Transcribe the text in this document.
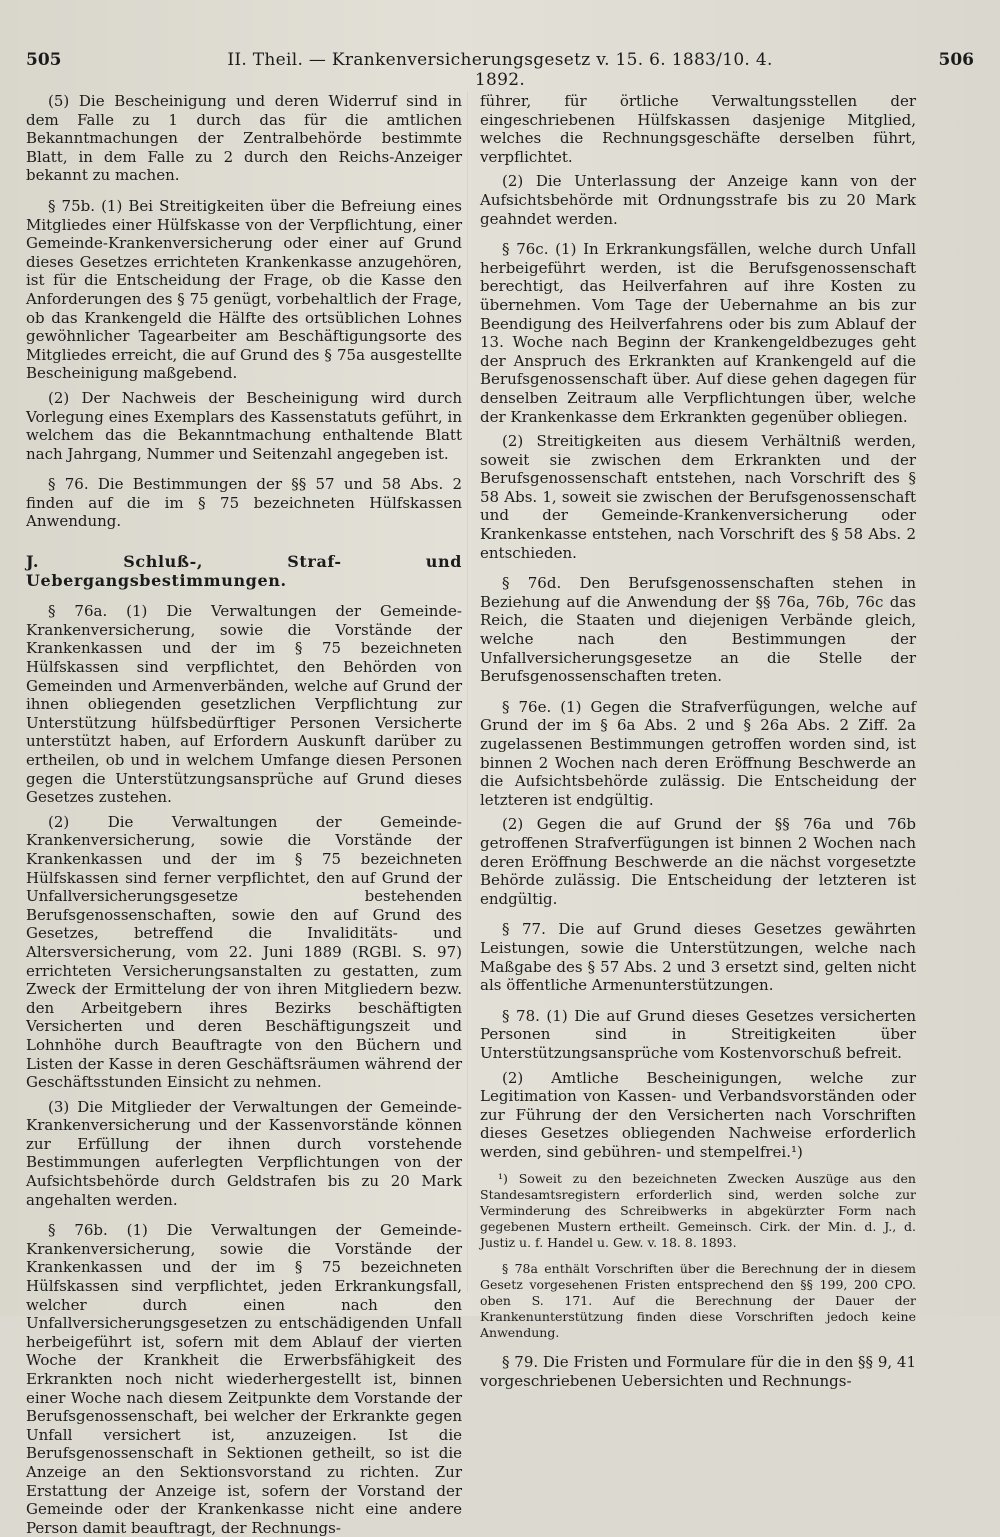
505	II. Theil. — Krankenversicherungsgesetz v. 15. 6. 1883/10. 4. 1892.
506

(5) Die Bescheinigung und deren Widerruf sind in dem Falle zu 1 durch das für die amtlichen Bekanntmachungen der Zentralbehörde bestimmte Blatt, in dem Falle zu 2 durch den Reichs-Anzeiger bekannt zu machen.

§ 75b. (1) Bei Streitigkeiten über die Befreiung eines Mitgliedes einer Hülfskasse von der Verpflichtung, einer Gemeinde-Krankenversicherung oder einer auf Grund dieses Gesetzes errichteten Krankenkasse anzugehören, ist für die Entscheidung der Frage, ob die Kasse den Anforderungen des § 75 genügt, vorbehaltlich der Frage, ob das Krankengeld die Hälfte des ortsüblichen Lohnes gewöhnlicher Tagearbeiter am Beschäftigungsorte des Mitgliedes erreicht, die auf Grund des § 75a ausgestellte Bescheinigung maßgebend.

(2) Der Nachweis der Bescheinigung wird durch Vorlegung eines Exemplars des Kassenstatuts geführt, in welchem das die Bekanntmachung enthaltende Blatt nach Jahrgang, Nummer und Seitenzahl angegeben ist.

§ 76. Die Bestimmungen der §§ 57 und 58 Abs. 2 finden auf die im § 75 bezeichneten Hülfskassen Anwendung.

J. Schluß-, Straf- und Uebergangsbestimmungen.

§ 76a. (1) Die Verwaltungen der Gemeinde-Krankenversicherung, sowie die Vorstände der Krankenkassen und der im § 75 bezeichneten Hülfskassen sind verpflichtet, den Behörden von Gemeinden und Armenverbänden, welche auf Grund der ihnen obliegenden gesetzlichen Verpflichtung zur Unterstützung hülfsbedürftiger Personen Versicherte unterstützt haben, auf Erfordern Auskunft darüber zu ertheilen, ob und in welchem Umfange diesen Personen gegen die Unterstützungsansprüche auf Grund dieses Gesetzes zustehen.

(2) Die Verwaltungen der Gemeinde-Krankenversicherung, sowie die Vorstände der Krankenkassen und der im § 75 bezeichneten Hülfskassen sind ferner verpflichtet, den auf Grund der Unfallversicherungsgesetze bestehenden Berufsgenossenschaften, sowie den auf Grund des Gesetzes, betreffend die Invaliditäts- und Altersversicherung, vom 22. Juni 1889 (RGBl. S. 97) errichteten Versicherungsanstalten zu gestatten, zum Zweck der Ermittelung der von ihren Mitgliedern bezw. den Arbeitgebern ihres Bezirks beschäftigten Versicherten und deren Beschäftigungszeit und Lohnhöhe durch Beauftragte von den Büchern und Listen der Kasse in deren Geschäftsräumen während der Geschäftsstunden Einsicht zu nehmen.

(3) Die Mitglieder der Verwaltungen der Gemeinde-Krankenversicherung und der Kassenvorstände können zur Erfüllung der ihnen durch vorstehende Bestimmungen auferlegten Verpflichtungen von der Aufsichtsbehörde durch Geldstrafen bis zu 20 Mark angehalten werden.

§ 76b. (1) Die Verwaltungen der Gemeinde-Krankenversicherung, sowie die Vorstände der Krankenkassen und der im § 75 bezeichneten Hülfskassen sind verpflichtet, jeden Erkrankungsfall, welcher durch einen nach den Unfallversicherungsgesetzen zu entschädigenden Unfall herbeigeführt ist, sofern mit dem Ablauf der vierten Woche der Krankheit die Erwerbsfähigkeit des Erkrankten noch nicht wiederhergestellt ist, binnen einer Woche nach diesem Zeitpunkte dem Vorstande der Berufsgenossenschaft, bei welcher der Erkrankte gegen Unfall versichert ist, anzuzeigen. Ist die Berufsgenossenschaft in Sektionen getheilt, so ist die Anzeige an den Sektionsvorstand zu richten. Zur Erstattung der Anzeige ist, sofern der Vorstand der Gemeinde oder der Krankenkasse nicht eine andere Person damit beauftragt, der Rechnungs-

führer, für örtliche Verwaltungsstellen der eingeschriebenen Hülfskassen dasjenige Mitglied, welches die Rechnungsgeschäfte derselben führt, verpflichtet.

(2) Die Unterlassung der Anzeige kann von der Aufsichtsbehörde mit Ordnungsstrafe bis zu 20 Mark geahndet werden.

§ 76c. (1) In Erkrankungsfällen, welche durch Unfall herbeigeführt werden, ist die Berufsgenossenschaft berechtigt, das Heilverfahren auf ihre Kosten zu übernehmen. Vom Tage der Uebernahme an bis zur Beendigung des Heilverfahrens oder bis zum Ablauf der 13. Woche nach Beginn der Krankengeldbezuges geht der Anspruch des Erkrankten auf Krankengeld auf die Berufsgenossenschaft über. Auf diese gehen dagegen für denselben Zeitraum alle Verpflichtungen über, welche der Krankenkasse dem Erkrankten gegenüber obliegen.

(2) Streitigkeiten aus diesem Verhältniß werden, soweit sie zwischen dem Erkrankten und der Berufsgenossenschaft entstehen, nach Vorschrift des § 58 Abs. 1, soweit sie zwischen der Berufsgenossenschaft und der Gemeinde-Krankenversicherung oder Krankenkasse entstehen, nach Vorschrift des § 58 Abs. 2 entschieden.

§ 76d. Den Berufsgenossenschaften stehen in Beziehung auf die Anwendung der §§ 76a, 76b, 76c das Reich, die Staaten und diejenigen Verbände gleich, welche nach den Bestimmungen der Unfallversicherungsgesetze an die Stelle der Berufsgenossenschaften treten.

§ 76e. (1) Gegen die Strafverfügungen, welche auf Grund der im § 6a Abs. 2 und § 26a Abs. 2 Ziff. 2a zugelassenen Bestimmungen getroffen worden sind, ist binnen 2 Wochen nach deren Eröffnung Beschwerde an die Aufsichtsbehörde zulässig. Die Entscheidung der letzteren ist endgültig.

(2) Gegen die auf Grund der §§ 76a und 76b getroffenen Strafverfügungen ist binnen 2 Wochen nach deren Eröffnung Beschwerde an die nächst vorgesetzte Behörde zulässig. Die Entscheidung der letzteren ist endgültig.

§ 77. Die auf Grund dieses Gesetzes gewährten Leistungen, sowie die Unterstützungen, welche nach Maßgabe des § 57 Abs. 2 und 3 ersetzt sind, gelten nicht als öffentliche Armenunterstützungen.

§ 78. (1) Die auf Grund dieses Gesetzes versicherten Personen sind in Streitigkeiten über Unterstützungsansprüche vom Kostenvorschuß befreit.

(2) Amtliche Bescheinigungen, welche zur Legitimation von Kassen- und Verbandsvorständen oder zur Führung der den Versicherten nach Vorschriften dieses Gesetzes obliegenden Nachweise erforderlich werden, sind gebühren- und stempelfrei.¹)

¹) Soweit zu den bezeichneten Zwecken Auszüge aus den Standesamtsregistern erforderlich sind, werden solche zur Verminderung des Schreibwerks in abgekürzter Form nach gegebenen Mustern ertheilt. Gemeinsch. Cirk. der Min. d. J., d. Justiz u. f. Handel u. Gew. v. 18. 8. 1893.

§ 78a enthält Vorschriften über die Berechnung der in diesem Gesetz vorgesehenen Fristen entsprechend den §§ 199, 200 CPO. oben S. 171. Auf die Berechnung der Dauer der Krankenunterstützung finden diese Vorschriften jedoch keine Anwendung.

§ 79. Die Fristen und Formulare für die in den §§ 9, 41 vorgeschriebenen Uebersichten und Rechnungs-
